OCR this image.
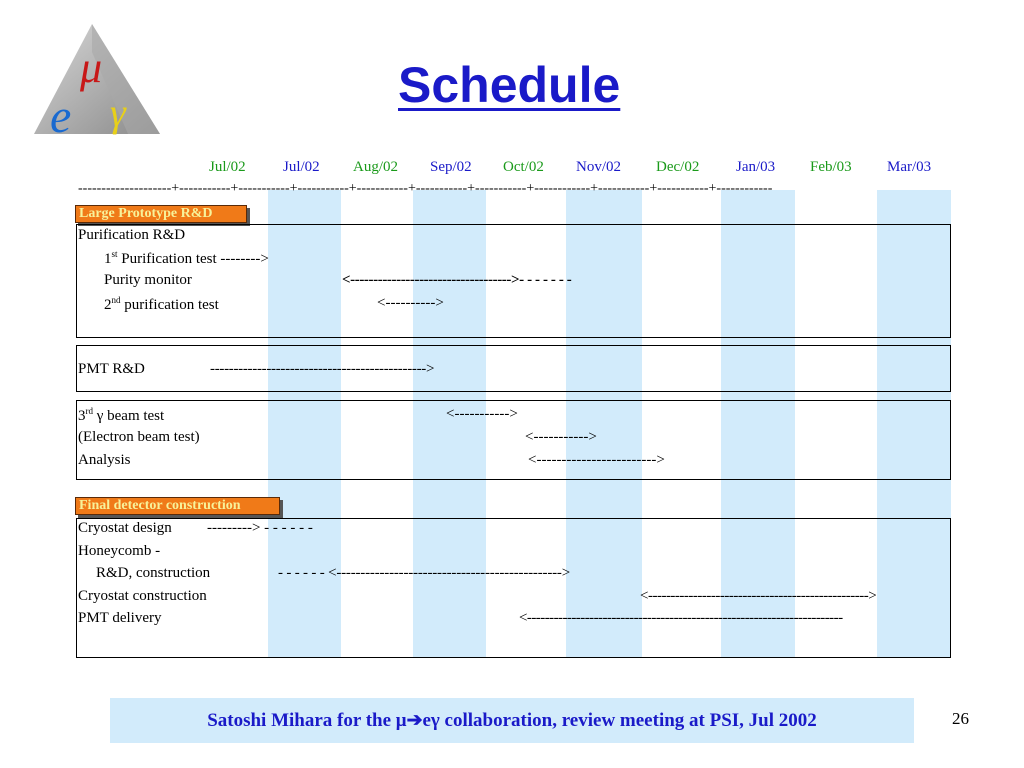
μ
e γ	Schedule
Jul/02 Jul/02 Aug/02 Sep/02 Oct/02 Nov/02 Dec/02 Jan/03 Feb/03 Mar/03
--------------------+-----------+-----------+-----------+-----------+-----------+-----------+------------+-----------+-----------+------------
Large Prototype R&D
Purification R&D
1st Purification test -------->
Purity monitor	<----------------------------------->- - - - - - -
2nd purification test	<---------->
PMT R&D	---------------------------------------------->
3rd γ beam test	<----------->
(Electron beam test)	<----------->
Analysis	<------------------------>
Final detector construction
Cryostat design ---------> - - - - - -
Honeycomb -
R&D, construction	- - - - - - <----------------------------------------------->
Cryostat construction	<------------------------------------------------->
PMT delivery	<-----------------------------------------------------------------------
Satoshi Mihara for the μ➔eγ collaboration, review meeting at PSI, Jul 2002	26
